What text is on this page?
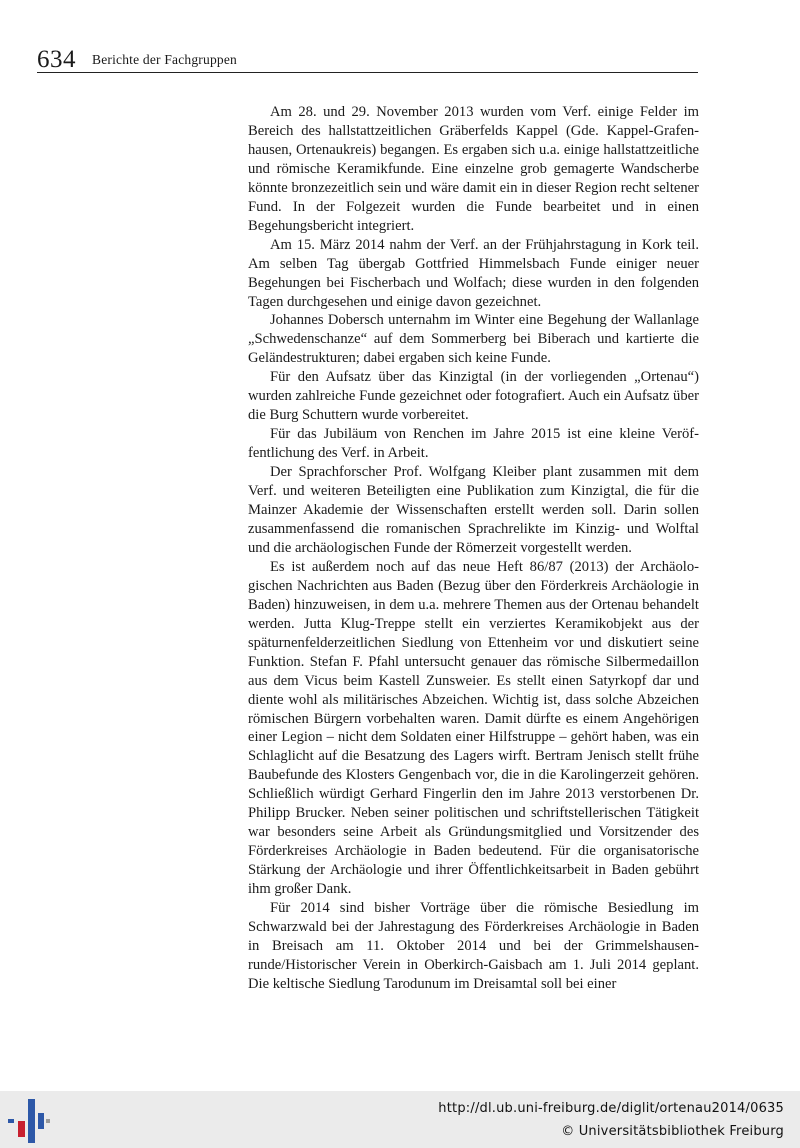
634 Berichte der Fachgruppen

Am 28. und 29. November 2013 wurden vom Verf. einige Felder im Bereich des hallstattzeitlichen Gräberfelds Kappel (Gde. Kappel-Grafenhausen, Ortenaukreis) begangen. Es ergaben sich u.a. einige hallstattzeitliche und römische Keramikfunde. Eine einzelne grob gemagerte Wandscherbe könnte bronzezeitlich sein und wäre damit ein in dieser Region recht seltener Fund. In der Folgezeit wurden die Funde bearbeitet und in einen Begehungsbericht integriert.

Am 15. März 2014 nahm der Verf. an der Frühjahrstagung in Kork teil. Am selben Tag übergab Gottfried Himmelsbach Funde einiger neuer Begehungen bei Fischerbach und Wolfach; diese wurden in den folgenden Tagen durchgesehen und einige davon gezeichnet.

Johannes Dobersch unternahm im Winter eine Begehung der Wallanlage „Schwedenschanze“ auf dem Sommerberg bei Biberach und kartierte die Geländestrukturen; dabei ergaben sich keine Funde.

Für den Aufsatz über das Kinzigtal (in der vorliegenden „Ortenau“) wurden zahlreiche Funde gezeichnet oder fotografiert. Auch ein Aufsatz über die Burg Schuttern wurde vorbereitet.

Für das Jubiläum von Renchen im Jahre 2015 ist eine kleine Veröffentlichung des Verf. in Arbeit.

Der Sprachforscher Prof. Wolfgang Kleiber plant zusammen mit dem Verf. und weiteren Beteiligten eine Publikation zum Kinzigtal, die für die Mainzer Akademie der Wissenschaften erstellt werden soll. Darin sollen zusammenfassend die romanischen Sprachrelikte im Kinzig- und Wolftal und die archäologischen Funde der Römerzeit vorgestellt werden.

Es ist außerdem noch auf das neue Heft 86/87 (2013) der Archäologischen Nachrichten aus Baden (Bezug über den Förderkreis Archäologie in Baden) hinzuweisen, in dem u.a. mehrere Themen aus der Ortenau behandelt werden. Jutta Klug-Treppe stellt ein verziertes Keramikobjekt aus der späturnenfelderzeitlichen Siedlung von Ettenheim vor und diskutiert seine Funktion. Stefan F. Pfahl untersucht genauer das römische Silbermedaillon aus dem Vicus beim Kastell Zunsweier. Es stellt einen Satyrkopf dar und diente wohl als militärisches Abzeichen. Wichtig ist, dass solche Abzeichen römischen Bürgern vorbehalten waren. Damit dürfte es einem Angehörigen einer Legion – nicht dem Soldaten einer Hilfstruppe – gehört haben, was ein Schlaglicht auf die Besatzung des Lagers wirft. Bertram Jenisch stellt frühe Baubefunde des Klosters Gengenbach vor, die in die Karolingerzeit gehören. Schließlich würdigt Gerhard Fingerlin den im Jahre 2013 verstorbenen Dr. Philipp Brucker. Neben seiner politischen und schriftstellerischen Tätigkeit war besonders seine Arbeit als Gründungsmitglied und Vorsitzender des Förderkreises Archäologie in Baden bedeutend. Für die organisatorische Stärkung der Archäologie und ihrer Öffentlichkeitsarbeit in Baden gebührt ihm großer Dank.

Für 2014 sind bisher Vorträge über die römische Besiedlung im Schwarzwald bei der Jahrestagung des Förderkreises Archäologie in Baden in Breisach am 11. Oktober 2014 und bei der Grimmelshausenrunde/Historischer Verein in Oberkirch-Gaisbach am 1. Juli 2014 geplant. Die keltische Siedlung Tarodunum im Dreisamtal soll bei einer

http://dl.ub.uni-freiburg.de/diglit/ortenau2014/0635
© Universitätsbibliothek Freiburg
